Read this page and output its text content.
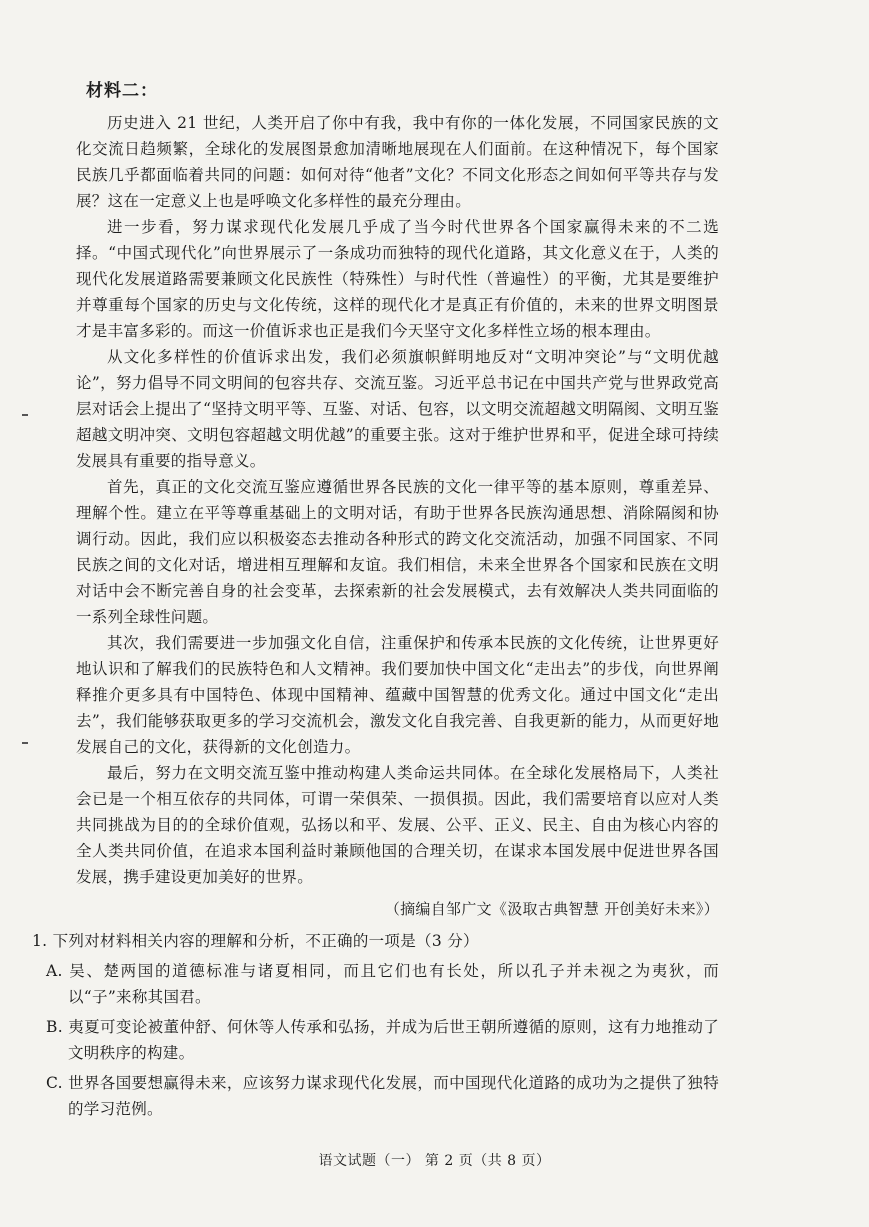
材料二：

历史进入 21 世纪，人类开启了你中有我，我中有你的一体化发展，不同国家民族的文化交流日趋频繁，全球化的发展图景愈加清晰地展现在人们面前。在这种情况下，每个国家民族几乎都面临着共同的问题：如何对待“他者”文化？不同文化形态之间如何平等共存与发展？这在一定意义上也是呼唤文化多样性的最充分理由。

进一步看，努力谋求现代化发展几乎成了当今时代世界各个国家赢得未来的不二选择。“中国式现代化”向世界展示了一条成功而独特的现代化道路，其文化意义在于，人类的现代化发展道路需要兼顾文化民族性（特殊性）与时代性（普遍性）的平衡，尤其是要维护并尊重每个国家的历史与文化传统，这样的现代化才是真正有价值的，未来的世界文明图景才是丰富多彩的。而这一价值诉求也正是我们今天坚守文化多样性立场的根本理由。

从文化多样性的价值诉求出发，我们必须旗帜鲜明地反对“文明冲突论”与“文明优越论”，努力倡导不同文明间的包容共存、交流互鉴。习近平总书记在中国共产党与世界政党高层对话会上提出了“坚持文明平等、互鉴、对话、包容，以文明交流超越文明隔阂、文明互鉴超越文明冲突、文明包容超越文明优越”的重要主张。这对于维护世界和平，促进全球可持续发展具有重要的指导意义。

首先，真正的文化交流互鉴应遵循世界各民族的文化一律平等的基本原则，尊重差异、理解个性。建立在平等尊重基础上的文明对话，有助于世界各民族沟通思想、消除隔阂和协调行动。因此，我们应以积极姿态去推动各种形式的跨文化交流活动，加强不同国家、不同民族之间的文化对话，增进相互理解和友谊。我们相信，未来全世界各个国家和民族在文明对话中会不断完善自身的社会变革，去探索新的社会发展模式，去有效解决人类共同面临的一系列全球性问题。

其次，我们需要进一步加强文化自信，注重保护和传承本民族的文化传统，让世界更好地认识和了解我们的民族特色和人文精神。我们要加快中国文化“走出去”的步伐，向世界阐释推介更多具有中国特色、体现中国精神、蕴藏中国智慧的优秀文化。通过中国文化“走出去”，我们能够获取更多的学习交流机会，激发文化自我完善、自我更新的能力，从而更好地发展自己的文化，获得新的文化创造力。

最后，努力在文明交流互鉴中推动构建人类命运共同体。在全球化发展格局下，人类社会已是一个相互依存的共同体，可谓一荣俱荣、一损俱损。因此，我们需要培育以应对人类共同挑战为目的的全球价值观，弘扬以和平、发展、公平、正义、民主、自由为核心内容的全人类共同价值，在追求本国利益时兼顾他国的合理关切，在谋求本国发展中促进世界各国发展，携手建设更加美好的世界。

（摘编自邹广文《汲取古典智慧 开创美好未来》）

1. 下列对材料相关内容的理解和分析，不正确的一项是（3 分）

A. 吴、楚两国的道德标准与诸夏相同，而且它们也有长处，所以孔子并未视之为夷狄，而以“子”来称其国君。

B. 夷夏可变论被董仲舒、何休等人传承和弘扬，并成为后世王朝所遵循的原则，这有力地推动了文明秩序的构建。

C. 世界各国要想赢得未来，应该努力谋求现代化发展，而中国现代化道路的成功为之提供了独特的学习范例。

语文试题（一） 第 2 页（共 8 页）
